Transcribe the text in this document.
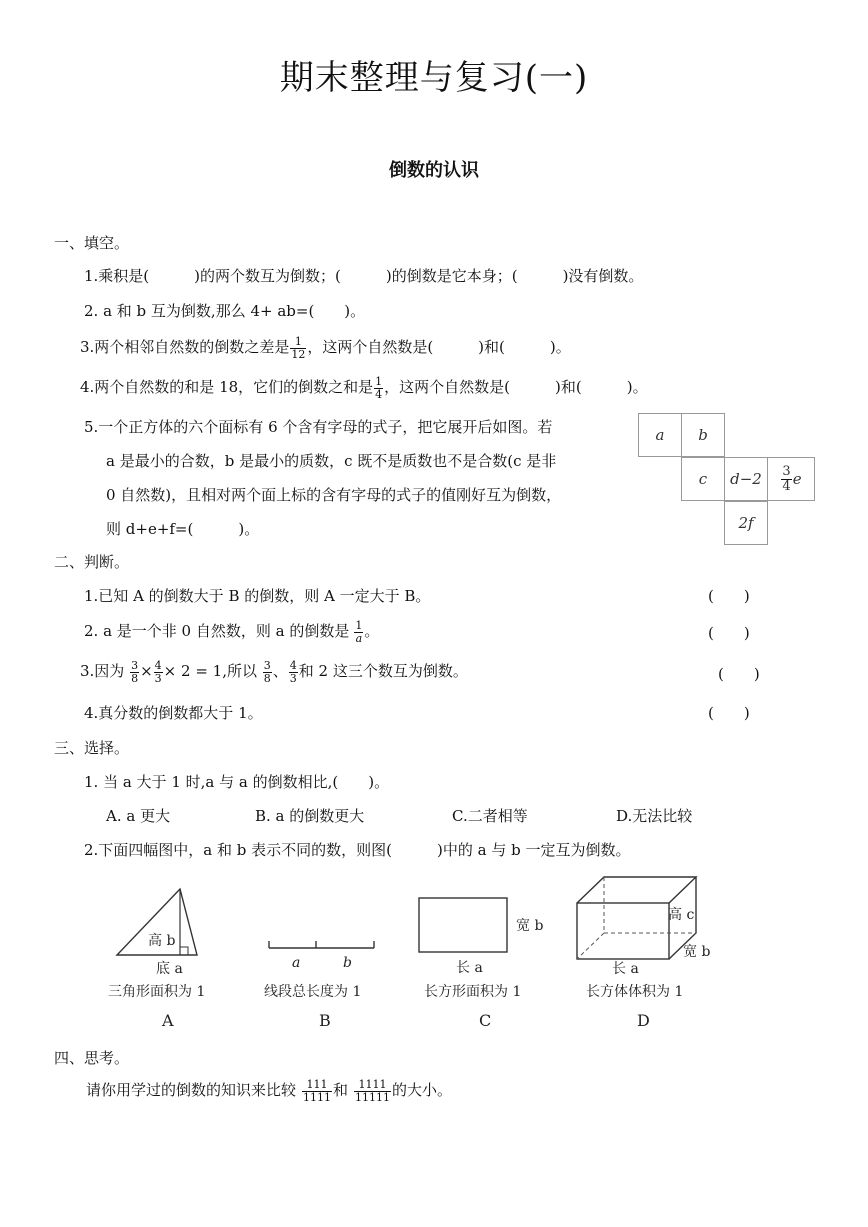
期末整理与复习(一)
倒数的认识
一、填空。
1.乘积是(　　　)的两个数互为倒数；(　　　)的倒数是它本身；(　　　)没有倒数。
2. a 和 b 互为倒数,那么 4+ ab=(　　)。
3.两个相邻自然数的倒数之差是 $\frac{1}{12}$ ，这两个自然数是(　　　)和(　　　)。
4.两个自然数的和是 18，它们的倒数之和是 $\frac{1}{4}$ ，这两个自然数是(　　　)和(　　　)。
5.一个正方体的六个面标有 6 个含有字母的式子，把它展开后如图。若
a 是最小的合数，b 是最小的质数，c 既不是质数也不是合数(c 是非
0 自然数)，且相对两个面上标的含有字母的式子的值刚好互为倒数，
则 d+e+f=(　　　)。
a	b
c	d−2	$\frac{3}{4}$ e
2f
二、判断。
1.已知 A 的倒数大于 B 的倒数，则 A 一定大于 B。	(　　)
2. a 是一个非 0 自然数，则 a 的倒数是 $\frac{1}{a}$ 。	(　　)
3.因为 $\frac{3}{8} \times \frac{4}{3} \times 2 = 1$,所以 $\frac{3}{8}$ 、 $\frac{4}{3}$ 和 2 这三个数互为倒数。	(　　)
4.真分数的倒数都大于 1。	(　　)
三、选择。
1. 当 a 大于 1 时,a 与 a 的倒数相比,(　　)。
A. a 更大	B. a 的倒数更大	C.二者相等	D.无法比较
2.下面四幅图中，a 和 b 表示不同的数，则图(　　　)中的 a 与 b 一定互为倒数。
高 b
底 a
三角形面积为 1
A
a	b
线段总长度为 1
B
宽 b
长 a
长方形面积为 1
C
高 c
宽 b
长 a
长方体体积为 1
D
四、思考。
请你用学过的倒数的知识来比较 $\frac{111}{1111}$ 和 $\frac{1111}{11111}$ 的大小。
